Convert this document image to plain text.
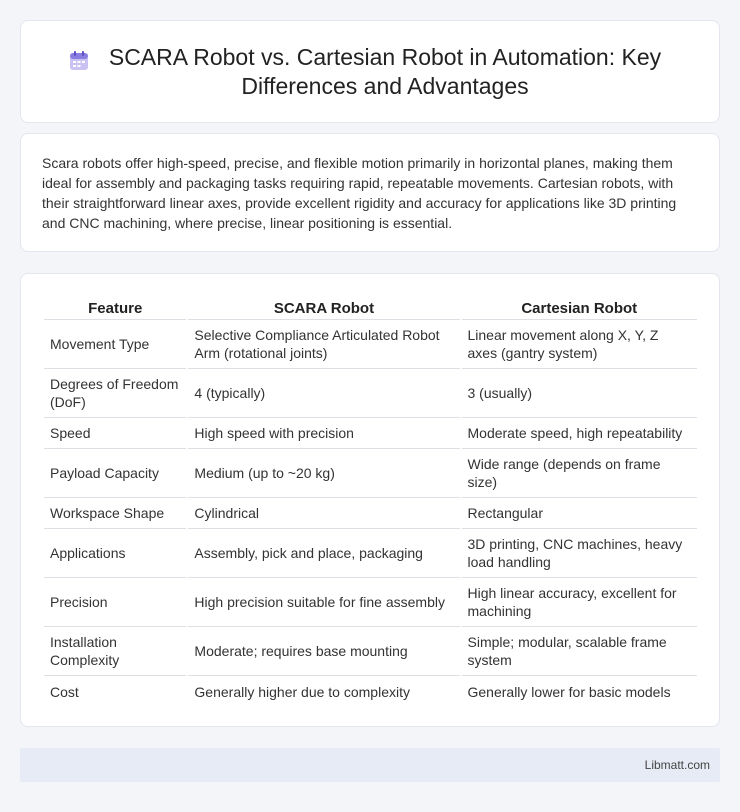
SCARA Robot vs. Cartesian Robot in Automation: Key Differences and Advantages

Scara robots offer high-speed, precise, and flexible motion primarily in horizontal planes, making them ideal for assembly and packaging tasks requiring rapid, repeatable movements. Cartesian robots, with their straightforward linear axes, provide excellent rigidity and accuracy for applications like 3D printing and CNC machining, where precise, linear positioning is essential.

Feature	SCARA Robot	Cartesian Robot
Movement Type	Selective Compliance Articulated Robot Arm (rotational joints)	Linear movement along X, Y, Z axes (gantry system)
Degrees of Freedom (DoF)	4 (typically)	3 (usually)
Speed	High speed with precision	Moderate speed, high repeatability
Payload Capacity	Medium (up to ~20 kg)	Wide range (depends on frame size)
Workspace Shape	Cylindrical	Rectangular
Applications	Assembly, pick and place, packaging	3D printing, CNC machines, heavy load handling
Precision	High precision suitable for fine assembly	High linear accuracy, excellent for machining
Installation Complexity	Moderate; requires base mounting	Simple; modular, scalable frame system
Cost	Generally higher due to complexity	Generally lower for basic models
Libmatt.com
